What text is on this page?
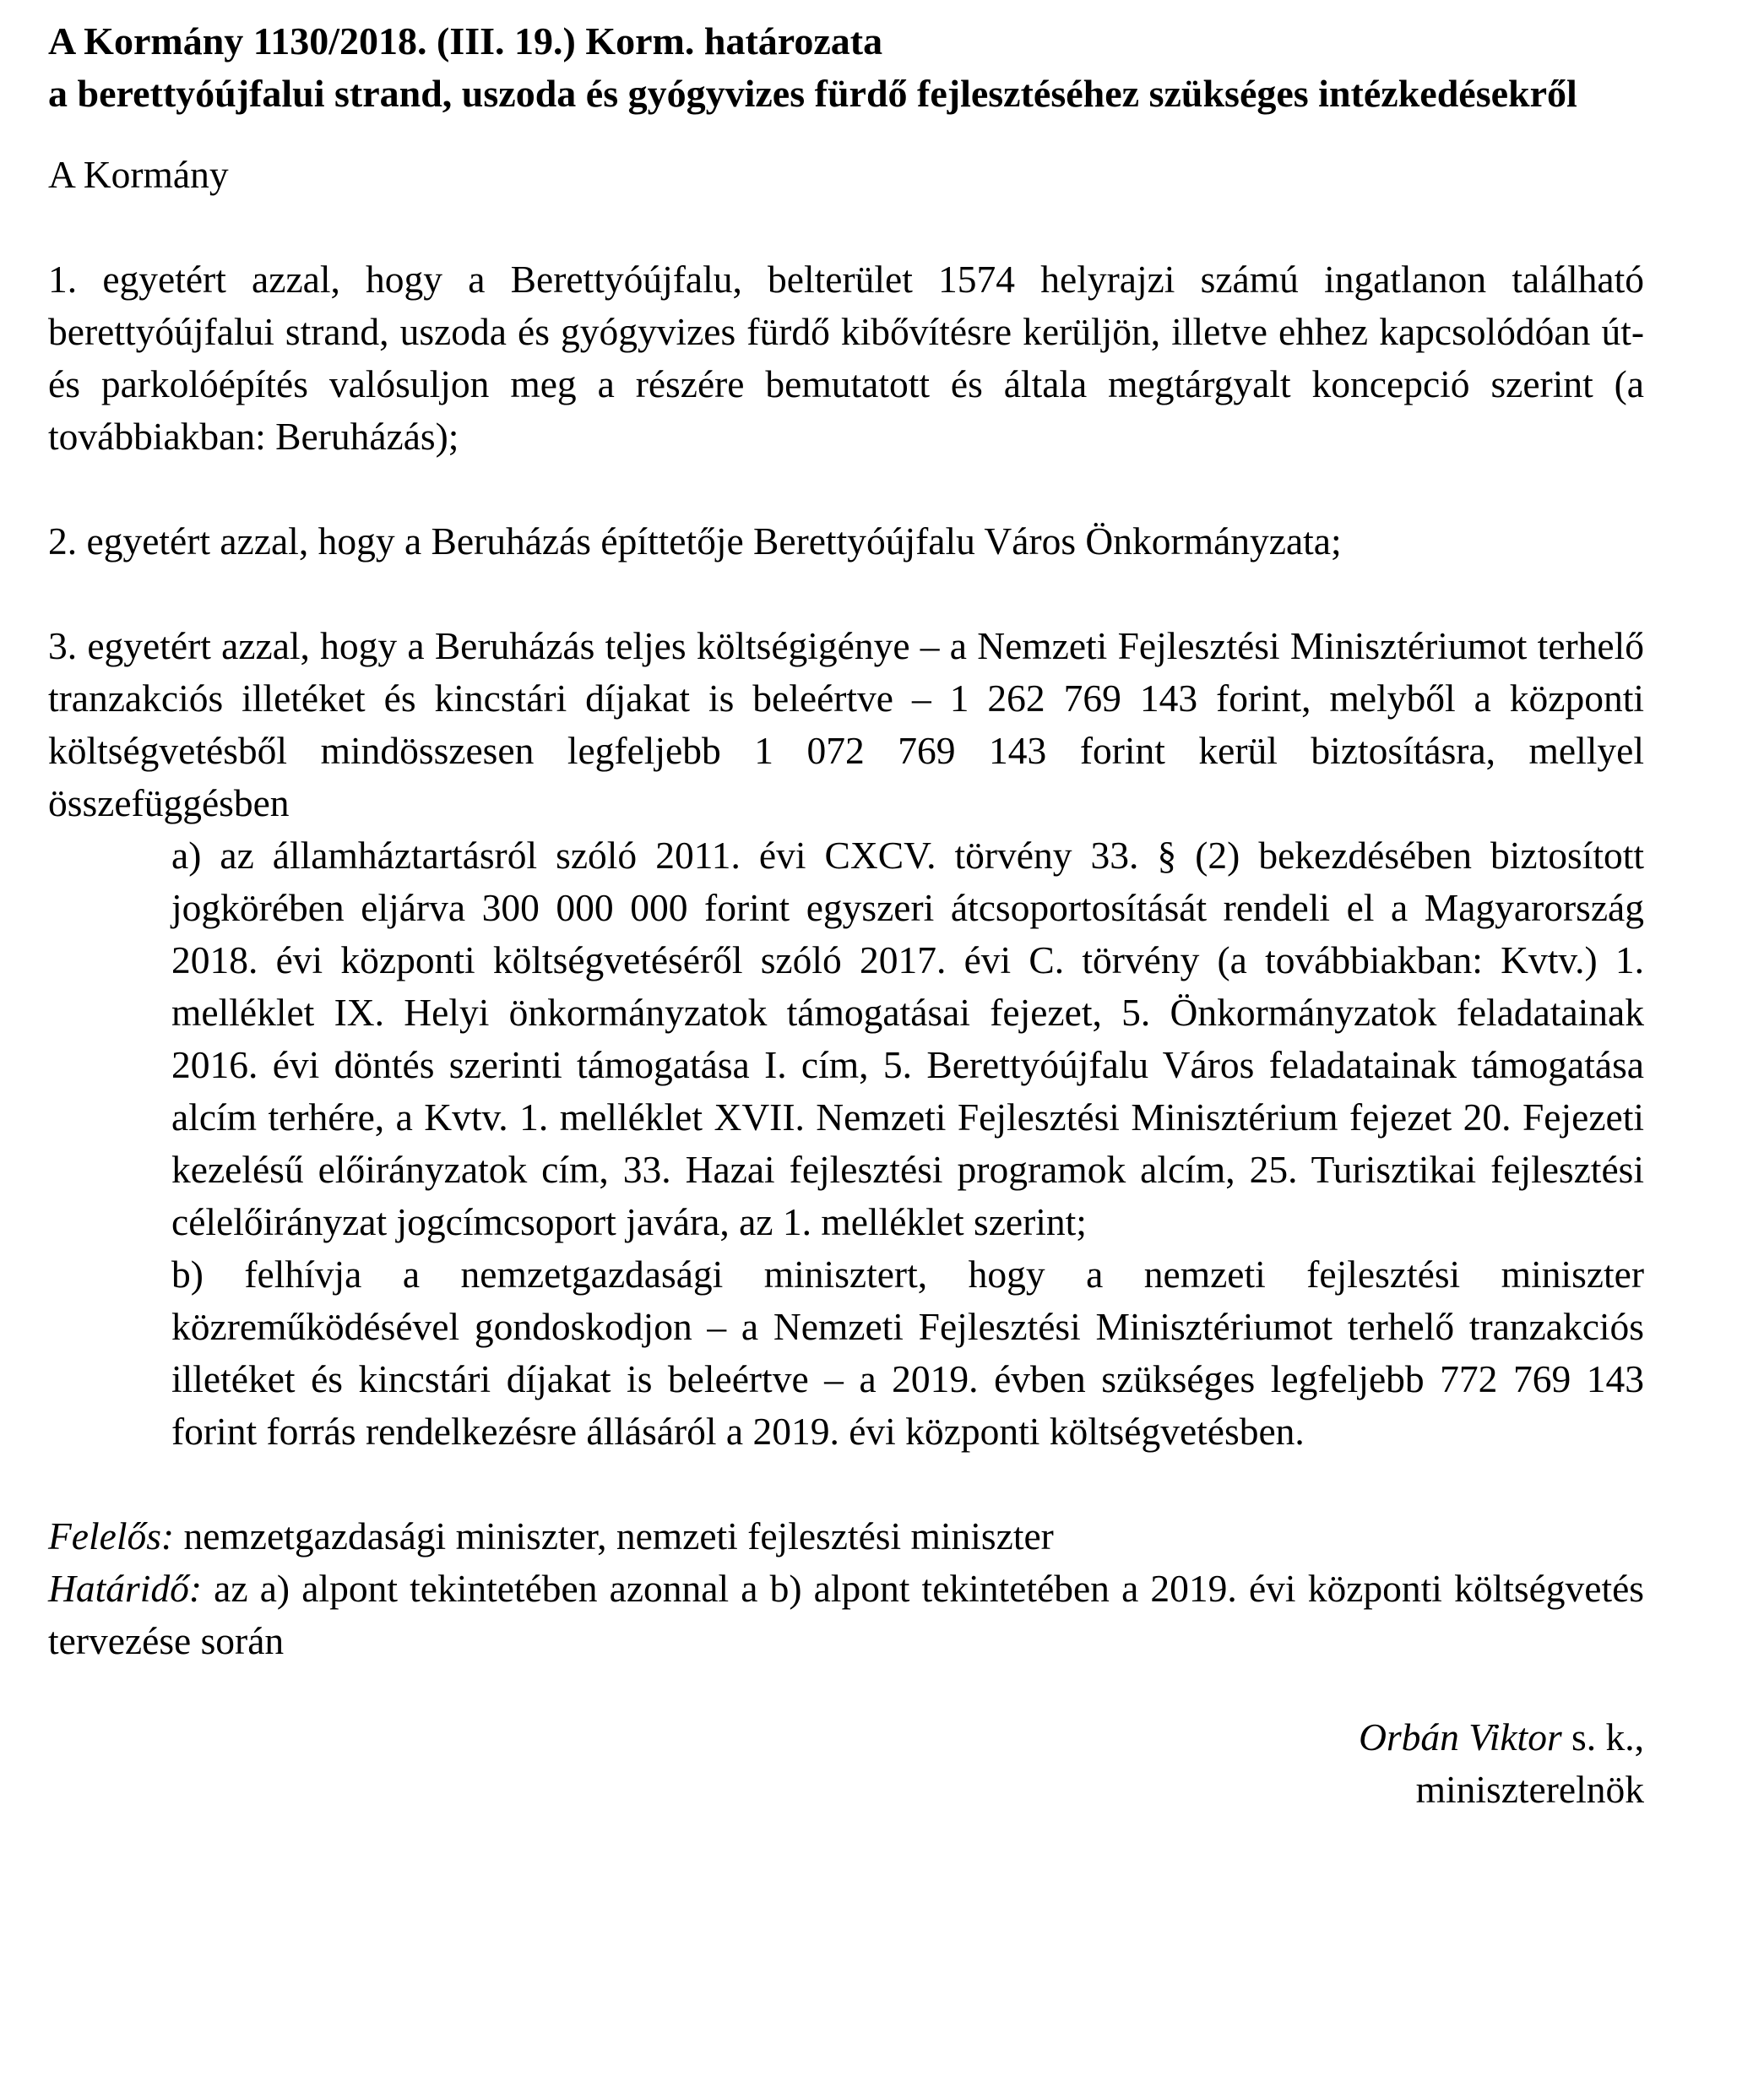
A Kormány 1130/2018. (III. 19.) Korm. határozata
a berettyóújfalui strand, uszoda és gyógyvizes fürdő fejlesztéséhez szükséges intézkedésekről
A Kormány
1. egyetért azzal, hogy a Berettyóújfalu, belterület 1574 helyrajzi számú ingatlanon található berettyóújfalui strand, uszoda és gyógyvizes fürdő kibővítésre kerüljön, illetve ehhez kapcsolódóan út- és parkolóépítés valósuljon meg a részére bemutatott és általa megtárgyalt koncepció szerint (a továbbiakban: Beruházás);
2. egyetért azzal, hogy a Beruházás építtetője Berettyóújfalu Város Önkormányzata;
3. egyetért azzal, hogy a Beruházás teljes költségigénye – a Nemzeti Fejlesztési Minisztériumot terhelő tranzakciós illetéket és kincstári díjakat is beleértve – 1 262 769 143 forint, melyből a központi költségvetésből mindösszesen legfeljebb 1 072 769 143 forint kerül biztosításra, mellyel összefüggésben
a) az államháztartásról szóló 2011. évi CXCV. törvény 33. § (2) bekezdésében biztosított jogkörében eljárva 300 000 000 forint egyszeri átcsoportosítását rendeli el a Magyarország 2018. évi központi költségvetéséről szóló 2017. évi C. törvény (a továbbiakban: Kvtv.) 1. melléklet IX. Helyi önkormányzatok támogatásai fejezet, 5. Önkormányzatok feladatainak 2016. évi döntés szerinti támogatása I. cím, 5. Berettyóújfalu Város feladatainak támogatása alcím terhére, a Kvtv. 1. melléklet XVII. Nemzeti Fejlesztési Minisztérium fejezet 20. Fejezeti kezelésű előirányzatok cím, 33. Hazai fejlesztési programok alcím, 25. Turisztikai fejlesztési célelőirányzat jogcímcsoport javára, az 1. melléklet szerint;
b) felhívja a nemzetgazdasági minisztert, hogy a nemzeti fejlesztési miniszter közreműködésével gondoskodjon – a Nemzeti Fejlesztési Minisztériumot terhelő tranzakciós illetéket és kincstári díjakat is beleértve – a 2019. évben szükséges legfeljebb 772 769 143 forint forrás rendelkezésre állásáról a 2019. évi központi költségvetésben.
Felelős: nemzetgazdasági miniszter, nemzeti fejlesztési miniszter
Határidő: az a) alpont tekintetében azonnal a b) alpont tekintetében a 2019. évi központi költségvetés tervezése során
Orbán Viktor s. k.,
miniszterelnök
